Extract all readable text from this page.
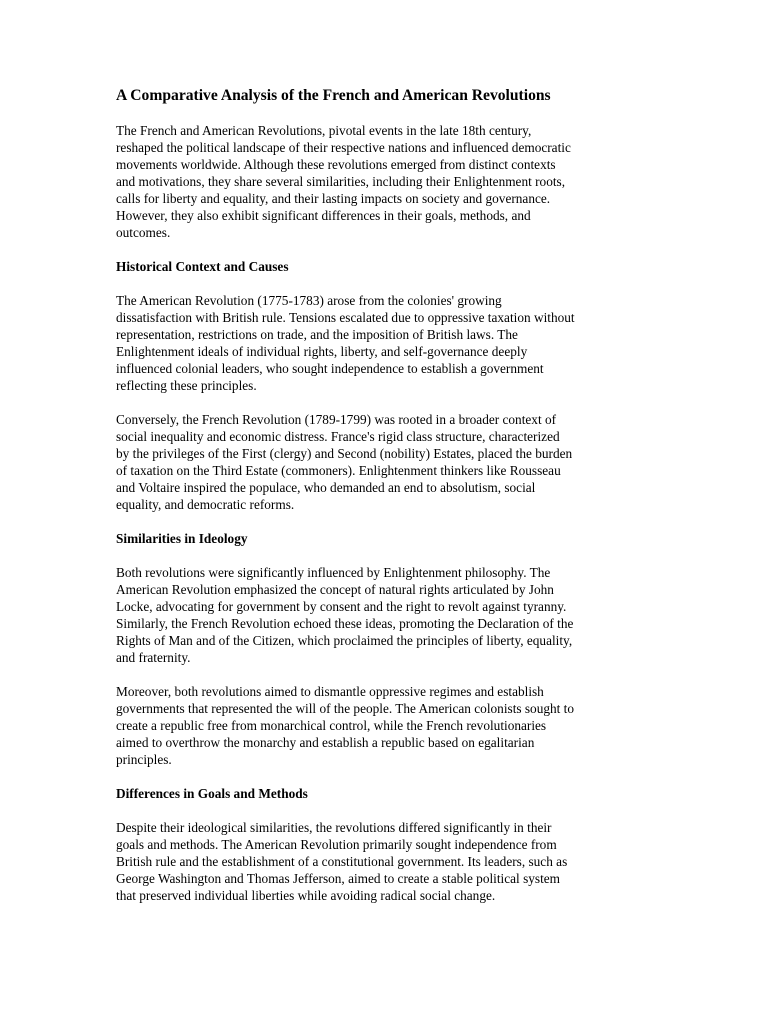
A Comparative Analysis of the French and American Revolutions
The French and American Revolutions, pivotal events in the late 18th century,
reshaped the political landscape of their respective nations and influenced democratic
movements worldwide. Although these revolutions emerged from distinct contexts
and motivations, they share several similarities, including their Enlightenment roots,
calls for liberty and equality, and their lasting impacts on society and governance.
However, they also exhibit significant differences in their goals, methods, and
outcomes.
Historical Context and Causes
The American Revolution (1775-1783) arose from the colonies' growing
dissatisfaction with British rule. Tensions escalated due to oppressive taxation without
representation, restrictions on trade, and the imposition of British laws. The
Enlightenment ideals of individual rights, liberty, and self-governance deeply
influenced colonial leaders, who sought independence to establish a government
reflecting these principles.
Conversely, the French Revolution (1789-1799) was rooted in a broader context of
social inequality and economic distress. France's rigid class structure, characterized
by the privileges of the First (clergy) and Second (nobility) Estates, placed the burden
of taxation on the Third Estate (commoners). Enlightenment thinkers like Rousseau
and Voltaire inspired the populace, who demanded an end to absolutism, social
equality, and democratic reforms.
Similarities in Ideology
Both revolutions were significantly influenced by Enlightenment philosophy. The
American Revolution emphasized the concept of natural rights articulated by John
Locke, advocating for government by consent and the right to revolt against tyranny.
Similarly, the French Revolution echoed these ideas, promoting the Declaration of the
Rights of Man and of the Citizen, which proclaimed the principles of liberty, equality,
and fraternity.
Moreover, both revolutions aimed to dismantle oppressive regimes and establish
governments that represented the will of the people. The American colonists sought to
create a republic free from monarchical control, while the French revolutionaries
aimed to overthrow the monarchy and establish a republic based on egalitarian
principles.
Differences in Goals and Methods
Despite their ideological similarities, the revolutions differed significantly in their
goals and methods. The American Revolution primarily sought independence from
British rule and the establishment of a constitutional government. Its leaders, such as
George Washington and Thomas Jefferson, aimed to create a stable political system
that preserved individual liberties while avoiding radical social change.
